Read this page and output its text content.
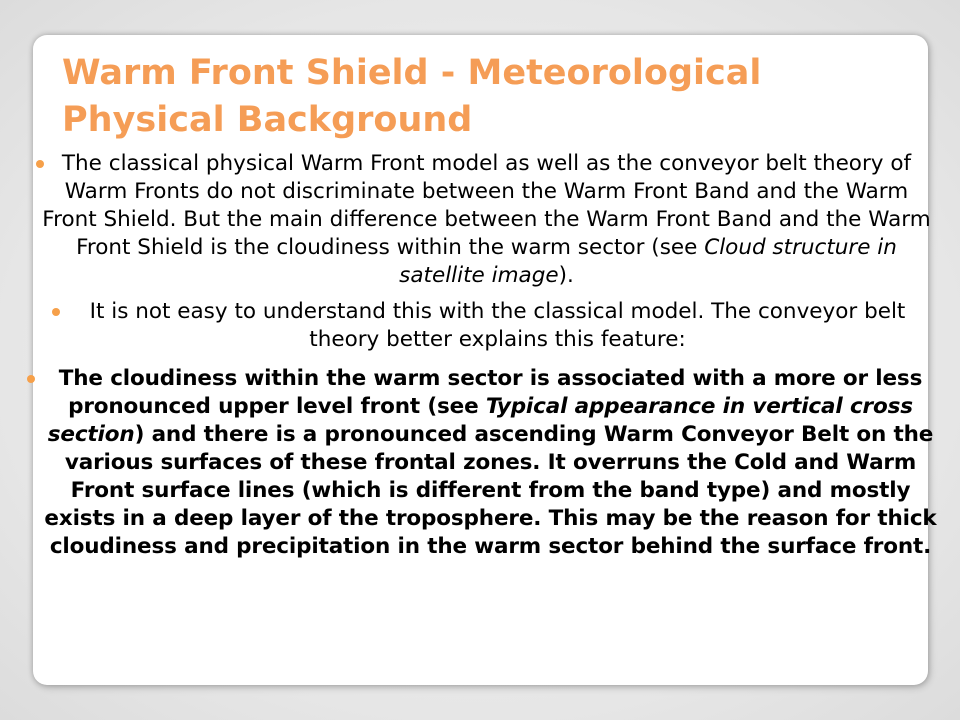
Warm Front Shield - Meteorological Physical Background
The classical physical Warm Front model as well as the conveyor belt theory of Warm Fronts do not discriminate between the Warm Front Band and the Warm Front Shield. But the main difference between the Warm Front Band and the Warm Front Shield is the cloudiness within the warm sector (see Cloud structure in satellite image).
It is not easy to understand this with the classical model. The conveyor belt theory better explains this feature:
The cloudiness within the warm sector is associated with a more or less pronounced upper level front (see Typical appearance in vertical cross section) and there is a pronounced ascending Warm Conveyor Belt on the various surfaces of these frontal zones. It overruns the Cold and Warm Front surface lines (which is different from the band type) and mostly exists in a deep layer of the troposphere. This may be the reason for thick cloudiness and precipitation in the warm sector behind the surface front.
